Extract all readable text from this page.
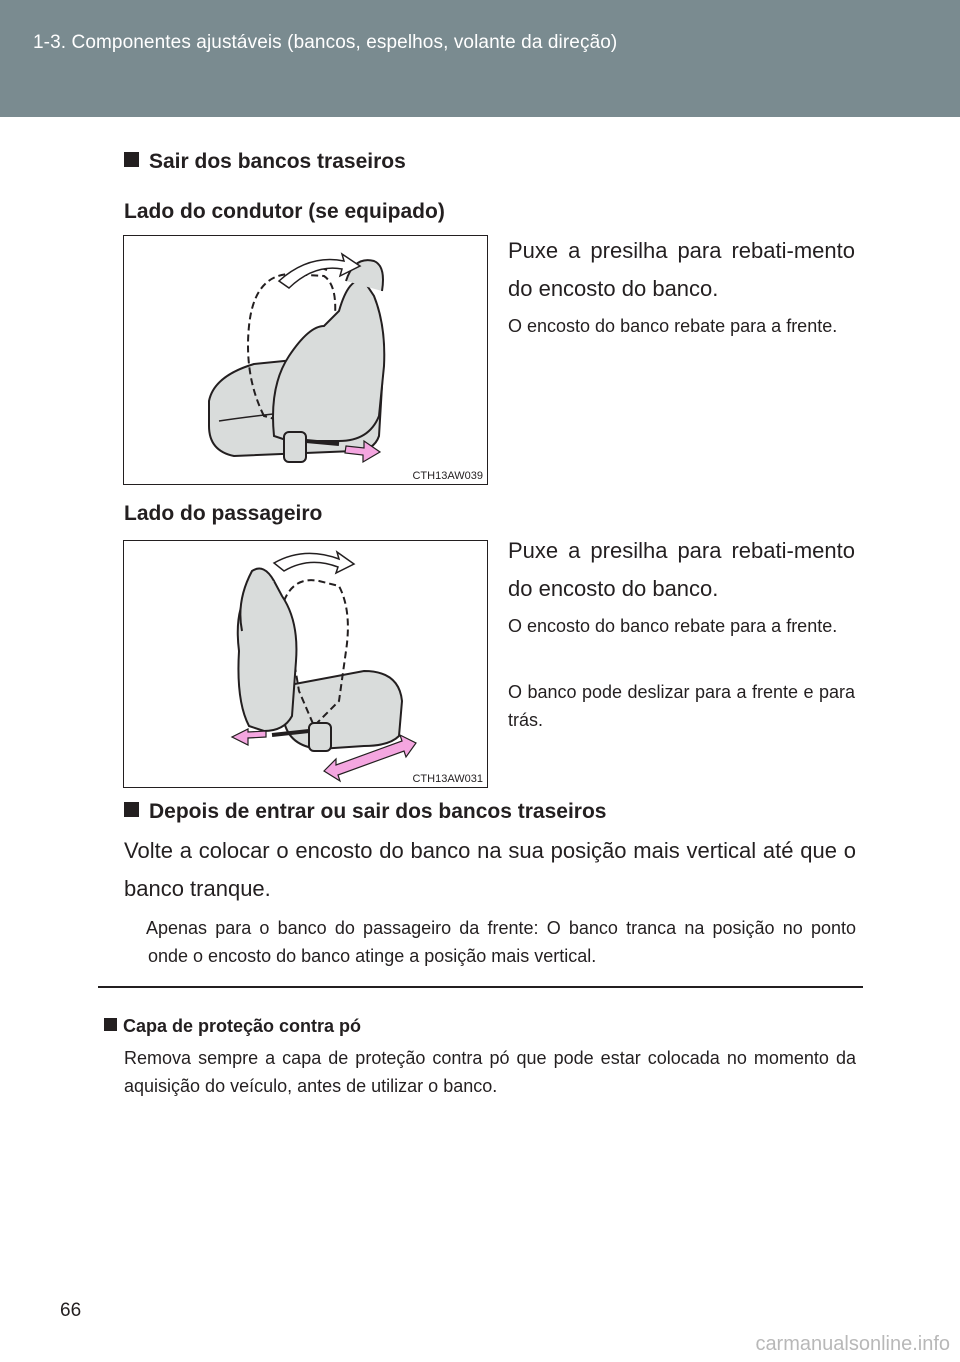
1-3. Componentes ajustáveis (bancos, espelhos, volante da direção)
Sair dos bancos traseiros
Lado do condutor (se equipado)
CTH13AW039
Puxe a presilha para rebati-mento do encosto do banco.
O encosto do banco rebate para a frente.
Lado do passageiro
CTH13AW031
Puxe a presilha para rebati-mento do encosto do banco.
O encosto do banco rebate para a frente.
O banco pode deslizar para a frente e para trás.
Depois de entrar ou sair dos bancos traseiros
Volte a colocar o encosto do banco na sua posição mais vertical até que o banco tranque.
Apenas para o banco do passageiro da frente: O banco tranca na posição no ponto onde o encosto do banco atinge a posição mais vertical.
Capa de proteção contra pó
Remova sempre a capa de proteção contra pó que pode estar colocada no momento da aquisição do veículo, antes de utilizar o banco.
66
carmanualsonline.info
